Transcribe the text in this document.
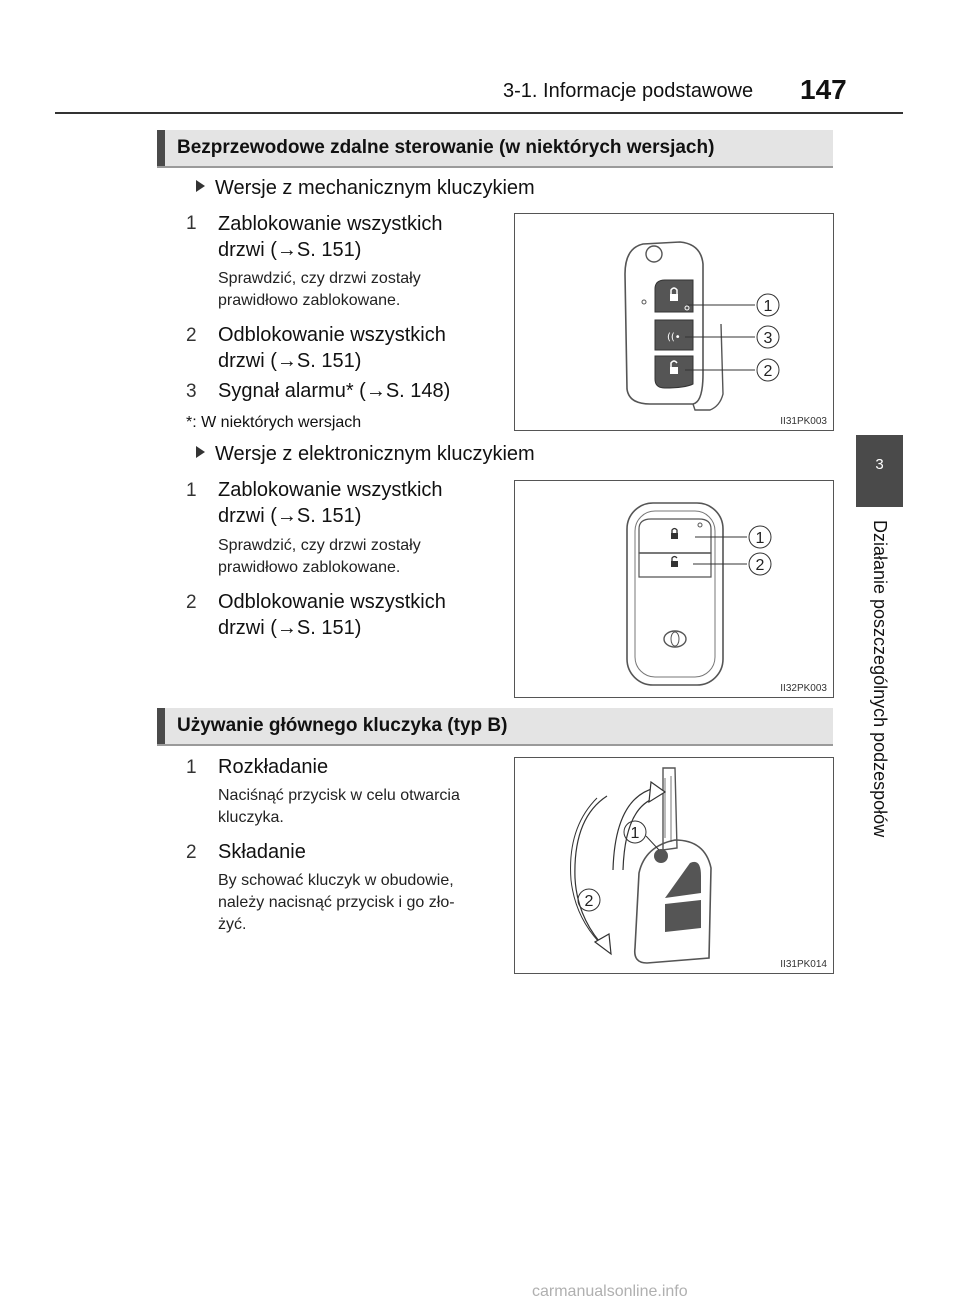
3-1. Informacje podstawowe 147
3
Działanie poszczególnych podzespołów
Bezprzewodowe zdalne sterowanie (w niektórych wersjach)
Wersje z mechanicznym kluczykiem
1 Zablokowanie wszystkich
drzwi (→S. 151)
Sprawdzić, czy drzwi zostały
prawidłowo zablokowane.
2 Odblokowanie wszystkich
drzwi (→S. 151)
3 Sygnał alarmu* (→S. 148)
*: W niektórych wersjach
((•
1
3
2
II31PK003
Wersje z elektronicznym kluczykiem
1 Zablokowanie wszystkich
drzwi (→S. 151)
Sprawdzić, czy drzwi zostały
prawidłowo zablokowane.
2 Odblokowanie wszystkich
drzwi (→S. 151)
1
2
II32PK003
Używanie głównego kluczyka (typ B)
1 Rozkładanie
Naciśnąć przycisk w celu otwarcia
kluczyka.
2 Składanie
By schować kluczyk w obudowie,
należy nacisnąć przycisk i go zło-
żyć.
1
2
II31PK014
carmanualsonline.info
